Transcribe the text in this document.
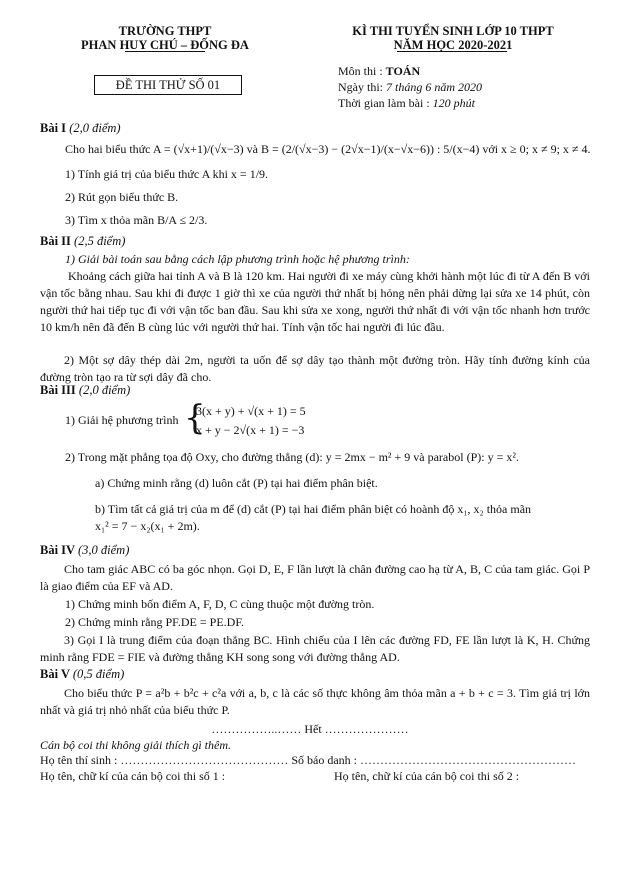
TRƯỜNG THPT
PHAN HUY CHÚ – ĐỐNG ĐA
KÌ THI TUYỂN SINH LỚP 10 THPT
NĂM HỌC 2020-2021
ĐỀ THI THỬ SỐ 01
Môn thi : TOÁN
Ngày thi: 7 tháng 6 năm 2020
Thời gian làm bài : 120 phút
Bài I (2,0 điểm)
Cho hai biểu thức A = (√x+1)/(√x−3) và B = (2/(√x−3) − (2√x−1)/(x−√x−6)) : 5/(x−4) với x ≥ 0; x ≠ 9; x ≠ 4.
1) Tính giá trị của biểu thức A khi x = 1/9.
2) Rút gọn biểu thức B.
3) Tìm x thỏa mãn B/A ≤ 2/3.
Bài II (2,5 điểm)
1) Giải bài toán sau bằng cách lập phương trình hoặc hệ phương trình:
Khoảng cách giữa hai tỉnh A và B là 120 km. Hai người đi xe máy cùng khởi hành một lúc đi từ A đến B với vận tốc bằng nhau. Sau khi đi được 1 giờ thì xe của người thứ nhất bị hỏng nên phải dừng lại sửa xe 14 phút, còn người thứ hai tiếp tục đi với vận tốc ban đầu. Sau khi sửa xe xong, người thứ nhất đi với vận tốc nhanh hơn trước 10 km/h nên đã đến B cùng lúc với người thứ hai. Tính vận tốc hai người đi lúc đầu.
2) Một sợ dây thép dài 2m, người ta uốn để sợ dây tạo thành một đường tròn. Hãy tính đường kính của đường tròn tạo ra từ sợi dây đã cho.
Bài III (2,0 điểm)
1) Giải hệ phương trình {
3(x + y) + √(x + 1) = 5
x + y − 2√(x + 1) = −3
2) Trong mặt phẳng tọa độ Oxy, cho đường thẳng (d): y = 2mx − m² + 9 và parabol (P): y = x².
a) Chứng minh rằng (d) luôn cắt (P) tại hai điểm phân biệt.
b) Tìm tất cả giá trị của m để (d) cắt (P) tại hai điểm phân biệt có hoành độ x₁, x₂ thỏa mãn
x₁² = 7 − x₂(x₁ + 2m).
Bài IV (3,0 điểm)
Cho tam giác ABC có ba góc nhọn. Gọi D, E, F lần lượt là chân đường cao hạ từ A, B, C của tam giác. Gọi P là giao điểm của EF và AD.
1) Chứng minh bốn điểm A, F, D, C cùng thuộc một đường tròn.
2) Chứng minh rằng PF.DE = PE.DF.
3) Gọi I là trung điểm của đoạn thẳng BC. Hình chiếu của I lên các đường FD, FE lần lượt là K, H. Chứng minh rằng FDE = FIE và đường thẳng KH song song với đường thẳng AD.
Bài V (0,5 điểm)
Cho biểu thức P = a²b + b²c + c²a với a, b, c là các số thực không âm thỏa mãn a + b + c = 3. Tìm giá trị lớn nhất và giá trị nhỏ nhất của biểu thức P.
……………..…… Hết …………………
Cán bộ coi thi không giải thích gì thêm.
Họ tên thí sinh : …………………………………… Số báo danh : ………………………………………………
Họ tên, chữ kí của cán bộ coi thi số 1 :	Họ tên, chữ kí của cán bộ coi thi số 2 :
